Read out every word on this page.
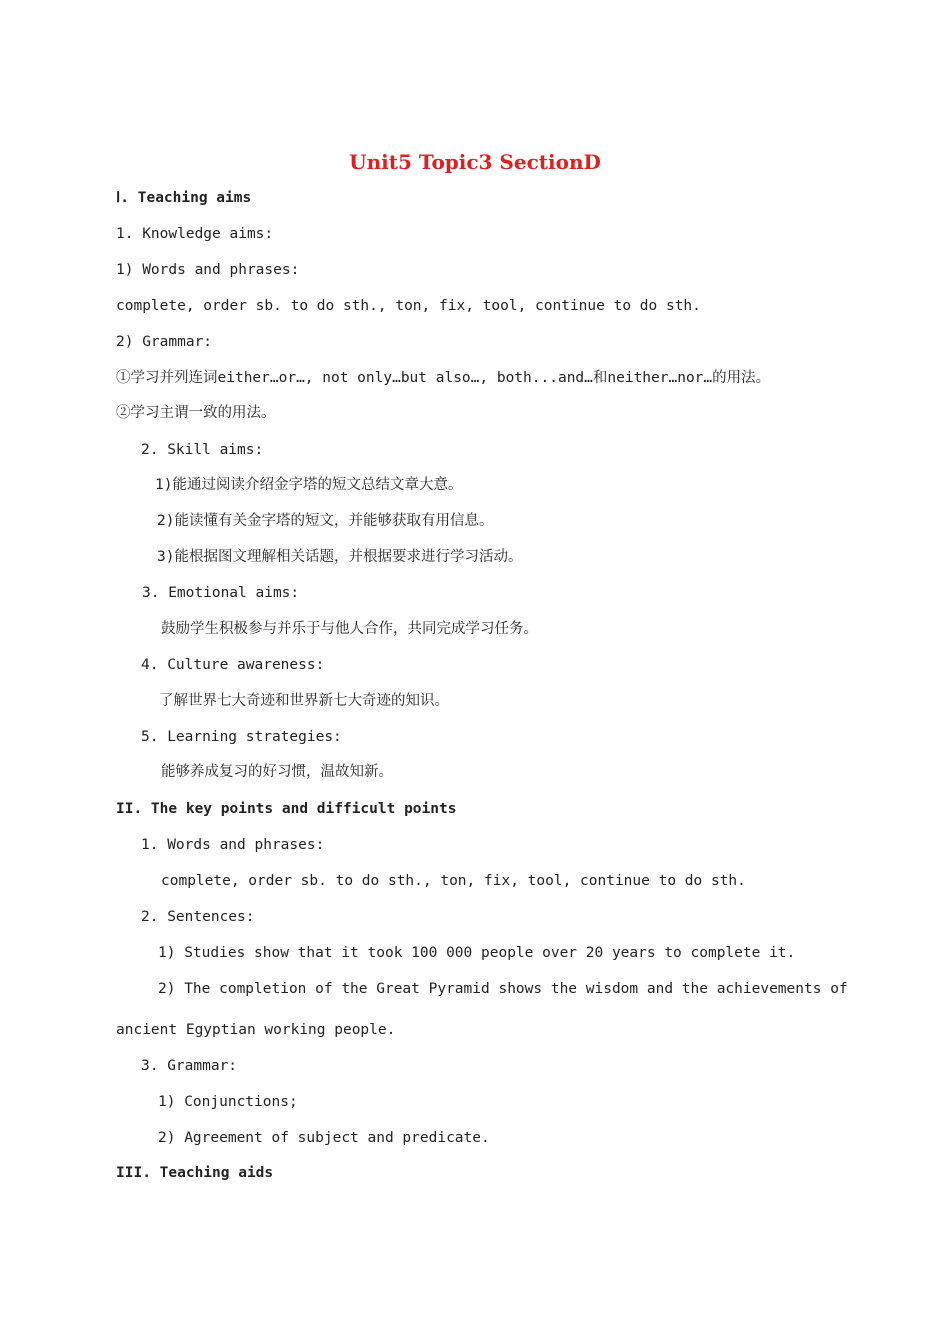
Unit5 Topic3 SectionD
Ⅰ. Teaching aims
1. Knowledge aims:
1) Words and phrases:
complete, order sb. to do sth., ton, fix, tool, continue to do sth.
2) Grammar:
①学习并列连词either…or…, not only…but also…, both...and…和neither…nor…的用法。
②学习主谓一致的用法。
2. Skill aims:
1)能通过阅读介绍金字塔的短文总结文章大意。
2)能读懂有关金字塔的短文，并能够获取有用信息。
3)能根据图文理解相关话题，并根据要求进行学习活动。
3. Emotional aims:
鼓励学生积极参与并乐于与他人合作，共同完成学习任务。
4. Culture awareness:
了解世界七大奇迹和世界新七大奇迹的知识。
5. Learning strategies:
能够养成复习的好习惯，温故知新。
II. The key points and difficult points
1. Words and phrases:
complete, order sb. to do sth., ton, fix, tool, continue to do sth.
2. Sentences:
1) Studies show that it took 100 000 people over 20 years to complete it.
2) The completion of the Great Pyramid shows the wisdom and the achievements of
ancient Egyptian working people.
3. Grammar:
1) Conjunctions;
2) Agreement of subject and predicate.
III. Teaching aids
